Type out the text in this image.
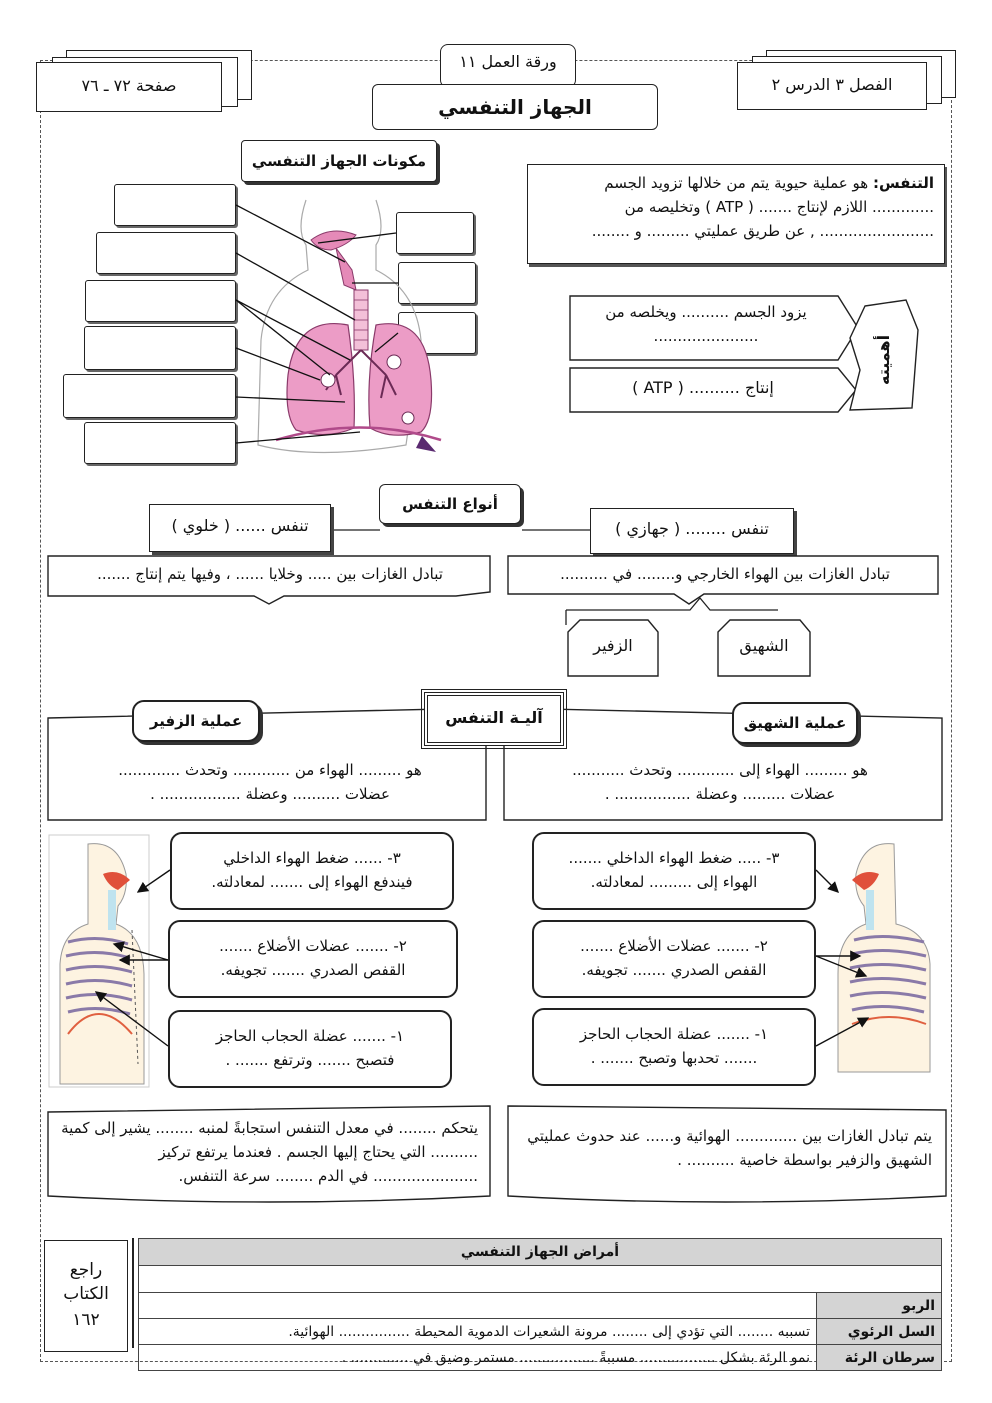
صفحة ٧٢ ـ ٧٦	الفصل ٣ الدرس ٢
ورقة العمل ١١
الجهاز التنفسي
مكونات الجهاز التنفسي
التنفس: هو عملية حيوية يتم من خلالها تزويد الجسم ............. اللازم لإنتاج ....... ( ATP ) وتخليصه من ........................ , عن طريق عمليتي ......... و ........
يزود الجسم .......... ويخلصه من ......................
إنتاج .......... ( ATP )
أهميته
أنواع التنفس
تنفس ...... ( خلوي )	تنفس ........ ( جهازي )
تبادل الغازات بين ..... وخلايا ...... ، وفيها يتم إنتاج .......	تبادل الغازات بين الهواء الخارجي و........ في ..........
الزفير	الشهيق
آليـة التنفس
عملية الزفير	عملية الشهيق
هو ......... الهواء من ............ وتحدث .............
عضلات .......... وعضلة ................. .
هو ......... الهواء إلى ............ وتحدث ...........
عضلات ......... وعضلة ................ .
٣- ...... ضغط الهواء الداخلي
فيندفع الهواء إلى ....... لمعادلته.
٢- ....... عضلات الأضلاع .......
القفص الصدري ....... تجويفه.
١- ....... عضلة الحجاب الحاجز
فتصبح ....... وترتفع ....... .
٣- ..... ضغط الهواء الداخلي .......
الهواء إلى ......... لمعادلته.
٢- ....... عضلات الأضلاع .......
القفص الصدري ....... تجويفه.
١- ....... عضلة الحجاب الحاجز
....... تحدبها وتصبح ....... .
يتحكم ........ في معدل التنفس استجابةً لمنبه ........ يشير إلى كمية .......... التي يحتاج إليها الجسم . فعندما يرتفع تركيز ...................... في الدم ........ سرعة التنفس.
يتم تبادل الغازات بين ............. الهوائية و...... عند حدوث عمليتي الشهيق والزفير بواسطة خاصية .......... .
راجع
الكتاب
١٦٢
أمراض الجهاز التنفسي	

الربو	
السل الرئوي	تسببه ........ التي تؤدي إلى ........ مرونة الشعيرات الدموية المحيطة ................ الهوائية.
سرطان الرئة	نمو الرئة بشكل ................. مسببةً ................. مستمر وضيق في ............. .
